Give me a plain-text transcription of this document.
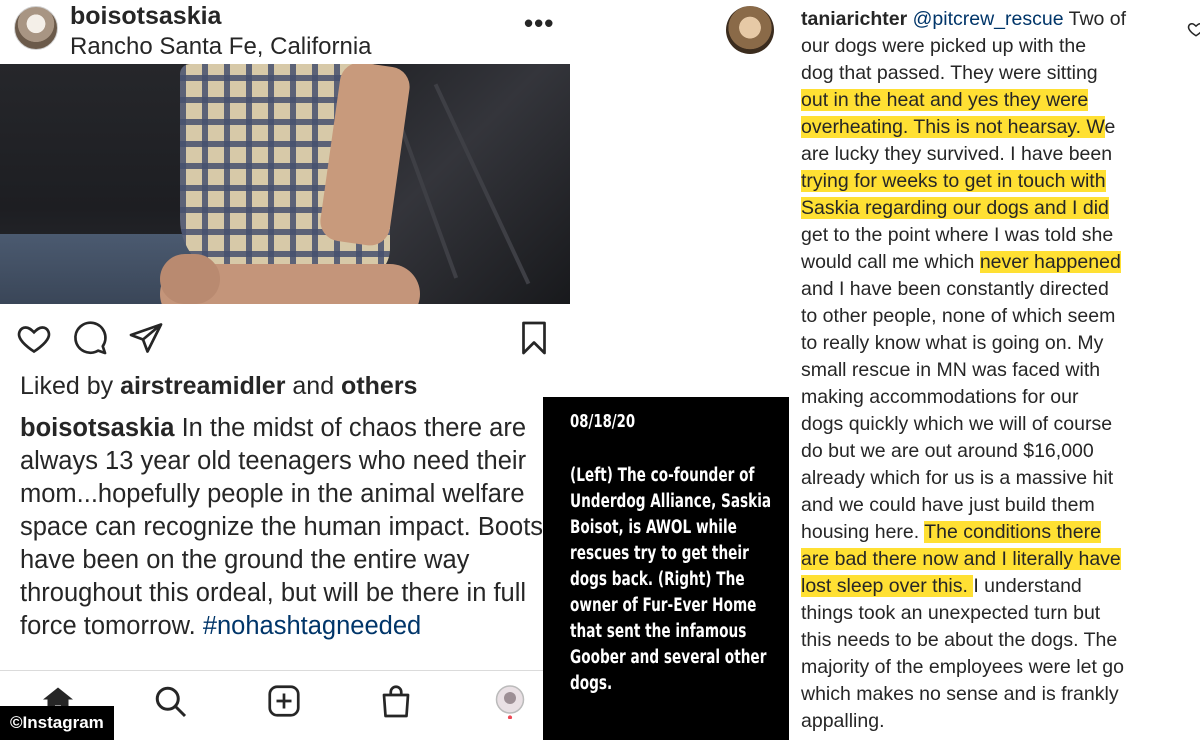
boisotsaskia
Rancho Santa Fe, California
•••
Liked by airstreamidler and others
boisotsaskia In the midst of chaos there are always 13 year old teenagers who need their mom...hopefully people in the animal welfare space can recognize the human impact. Boots have been on the ground the entire way throughout this ordeal, but will be there in full force tomorrow. #nohashtagneeded
©Instagram
08/18/20
(Left) The co-founder of Underdog Alliance, Saskia Boisot, is AWOL while rescues try to get their dogs back. (Right) The owner of Fur-Ever Home that sent the infamous Goober and several other dogs.
taniarichter @pitcrew_rescue Two of
our dogs were picked up with the
dog that passed. They were sitting
out in the heat and yes they were
overheating. This is not hearsay. We
are lucky they survived. I have been
trying for weeks to get in touch with
Saskia regarding our dogs and I did
get to the point where I was told she
would call me which never happened
and I have been constantly directed
to other people, none of which seem
to really know what is going on. My
small rescue in MN was faced with
making accommodations for our
dogs quickly which we will of course
do but we are out around $16,000
already which for us is a massive hit
and we could have just build them
housing here. The conditions there
are bad there now and I literally have
lost sleep over this. I understand
things took an unexpected turn but
this needs to be about the dogs. The
majority of the employees were let go
which makes no sense and is frankly
appalling.
